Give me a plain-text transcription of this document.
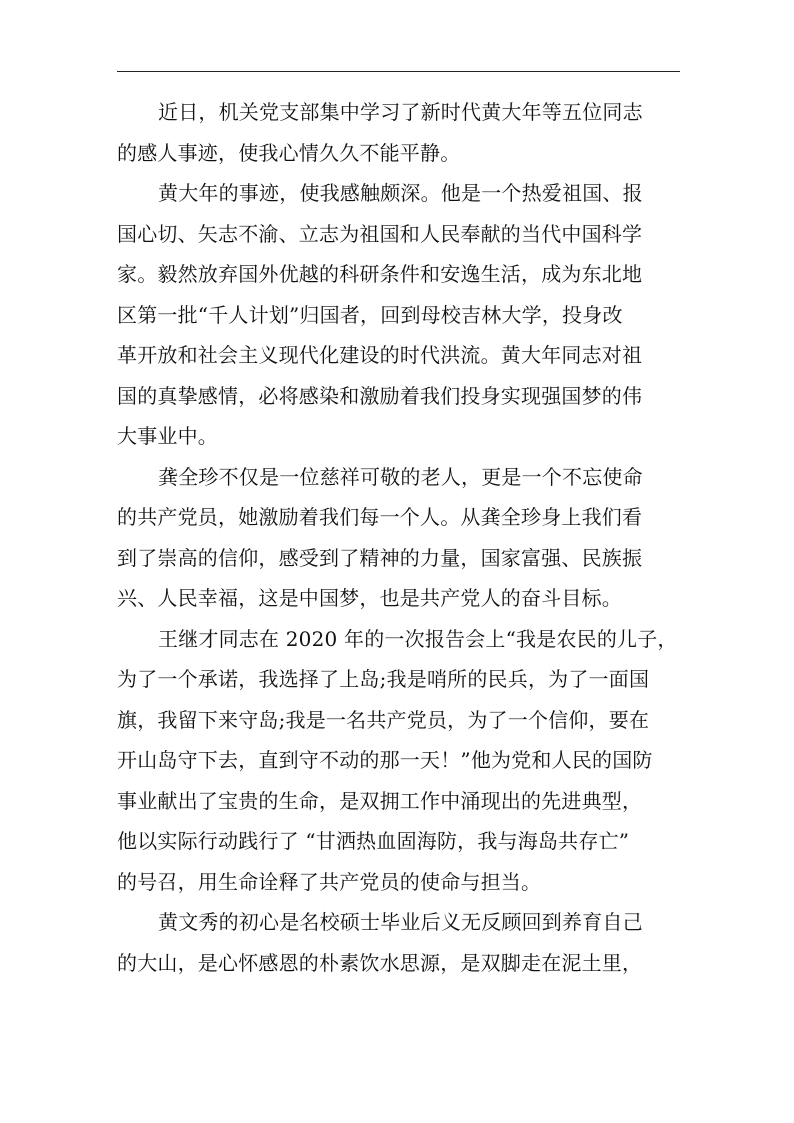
近日，机关党支部集中学习了新时代黄大年等五位同志
的感人事迹，使我心情久久不能平静。
黄大年的事迹，使我感触颇深。他是一个热爱祖国、报
国心切、矢志不渝、立志为祖国和人民奉献的当代中国科学
家。毅然放弃国外优越的科研条件和安逸生活，成为东北地
区第一批“千人计划”归国者，回到母校吉林大学，投身改
革开放和社会主义现代化建设的时代洪流。黄大年同志对祖
国的真挚感情，必将感染和激励着我们投身实现强国梦的伟
大事业中。
龚全珍不仅是一位慈祥可敬的老人，更是一个不忘使命
的共产党员，她激励着我们每一个人。从龚全珍身上我们看
到了崇高的信仰，感受到了精神的力量，国家富强、民族振
兴、人民幸福，这是中国梦，也是共产党人的奋斗目标。
王继才同志在 2020 年的一次报告会上“我是农民的儿子，
为了一个承诺，我选择了上岛;我是哨所的民兵，为了一面国
旗，我留下来守岛;我是一名共产党员，为了一个信仰，要在
开山岛守下去，直到守不动的那一天！”他为党和人民的国防
事业献出了宝贵的生命，是双拥工作中涌现出的先进典型，
他以实际行动践行了 “甘洒热血固海防，我与海岛共存亡”
的号召，用生命诠释了共产党员的使命与担当。
黄文秀的初心是名校硕士毕业后义无反顾回到养育自己
的大山，是心怀感恩的朴素饮水思源，是双脚走在泥土里，
